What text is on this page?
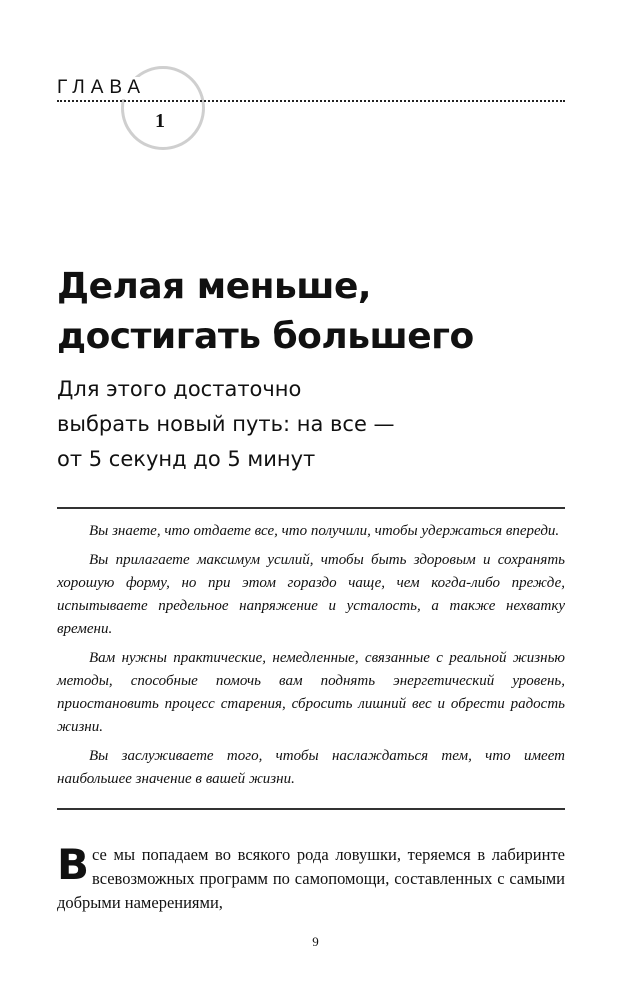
ГЛАВА
1
Делая меньше,
достигать большего
Для этого достаточно
выбрать новый путь: на все —
от 5 секунд до 5 минут

Вы знаете, что отдаете все, что получили, чтобы удержаться впереди.

Вы прилагаете максимум усилий, чтобы быть здоровым и сохранять хорошую форму, но при этом гораздо чаще, чем когда-либо прежде, испытываете предельное напряжение и усталость, а также нехватку времени.

Вам нужны практические, немедленные, связанные с реальной жизнью методы, способные помочь вам поднять энергетический уровень, приостановить процесс старения, сбросить лишний вес и обрести радость жизни.

Вы заслуживаете того, чтобы наслаждаться тем, что имеет наибольшее значение в вашей жизни.

Все мы попадаем во всякого рода ловушки, теряемся в лабиринте всевозможных программ по самопомощи, составленных с самыми добрыми намерениями,

9
